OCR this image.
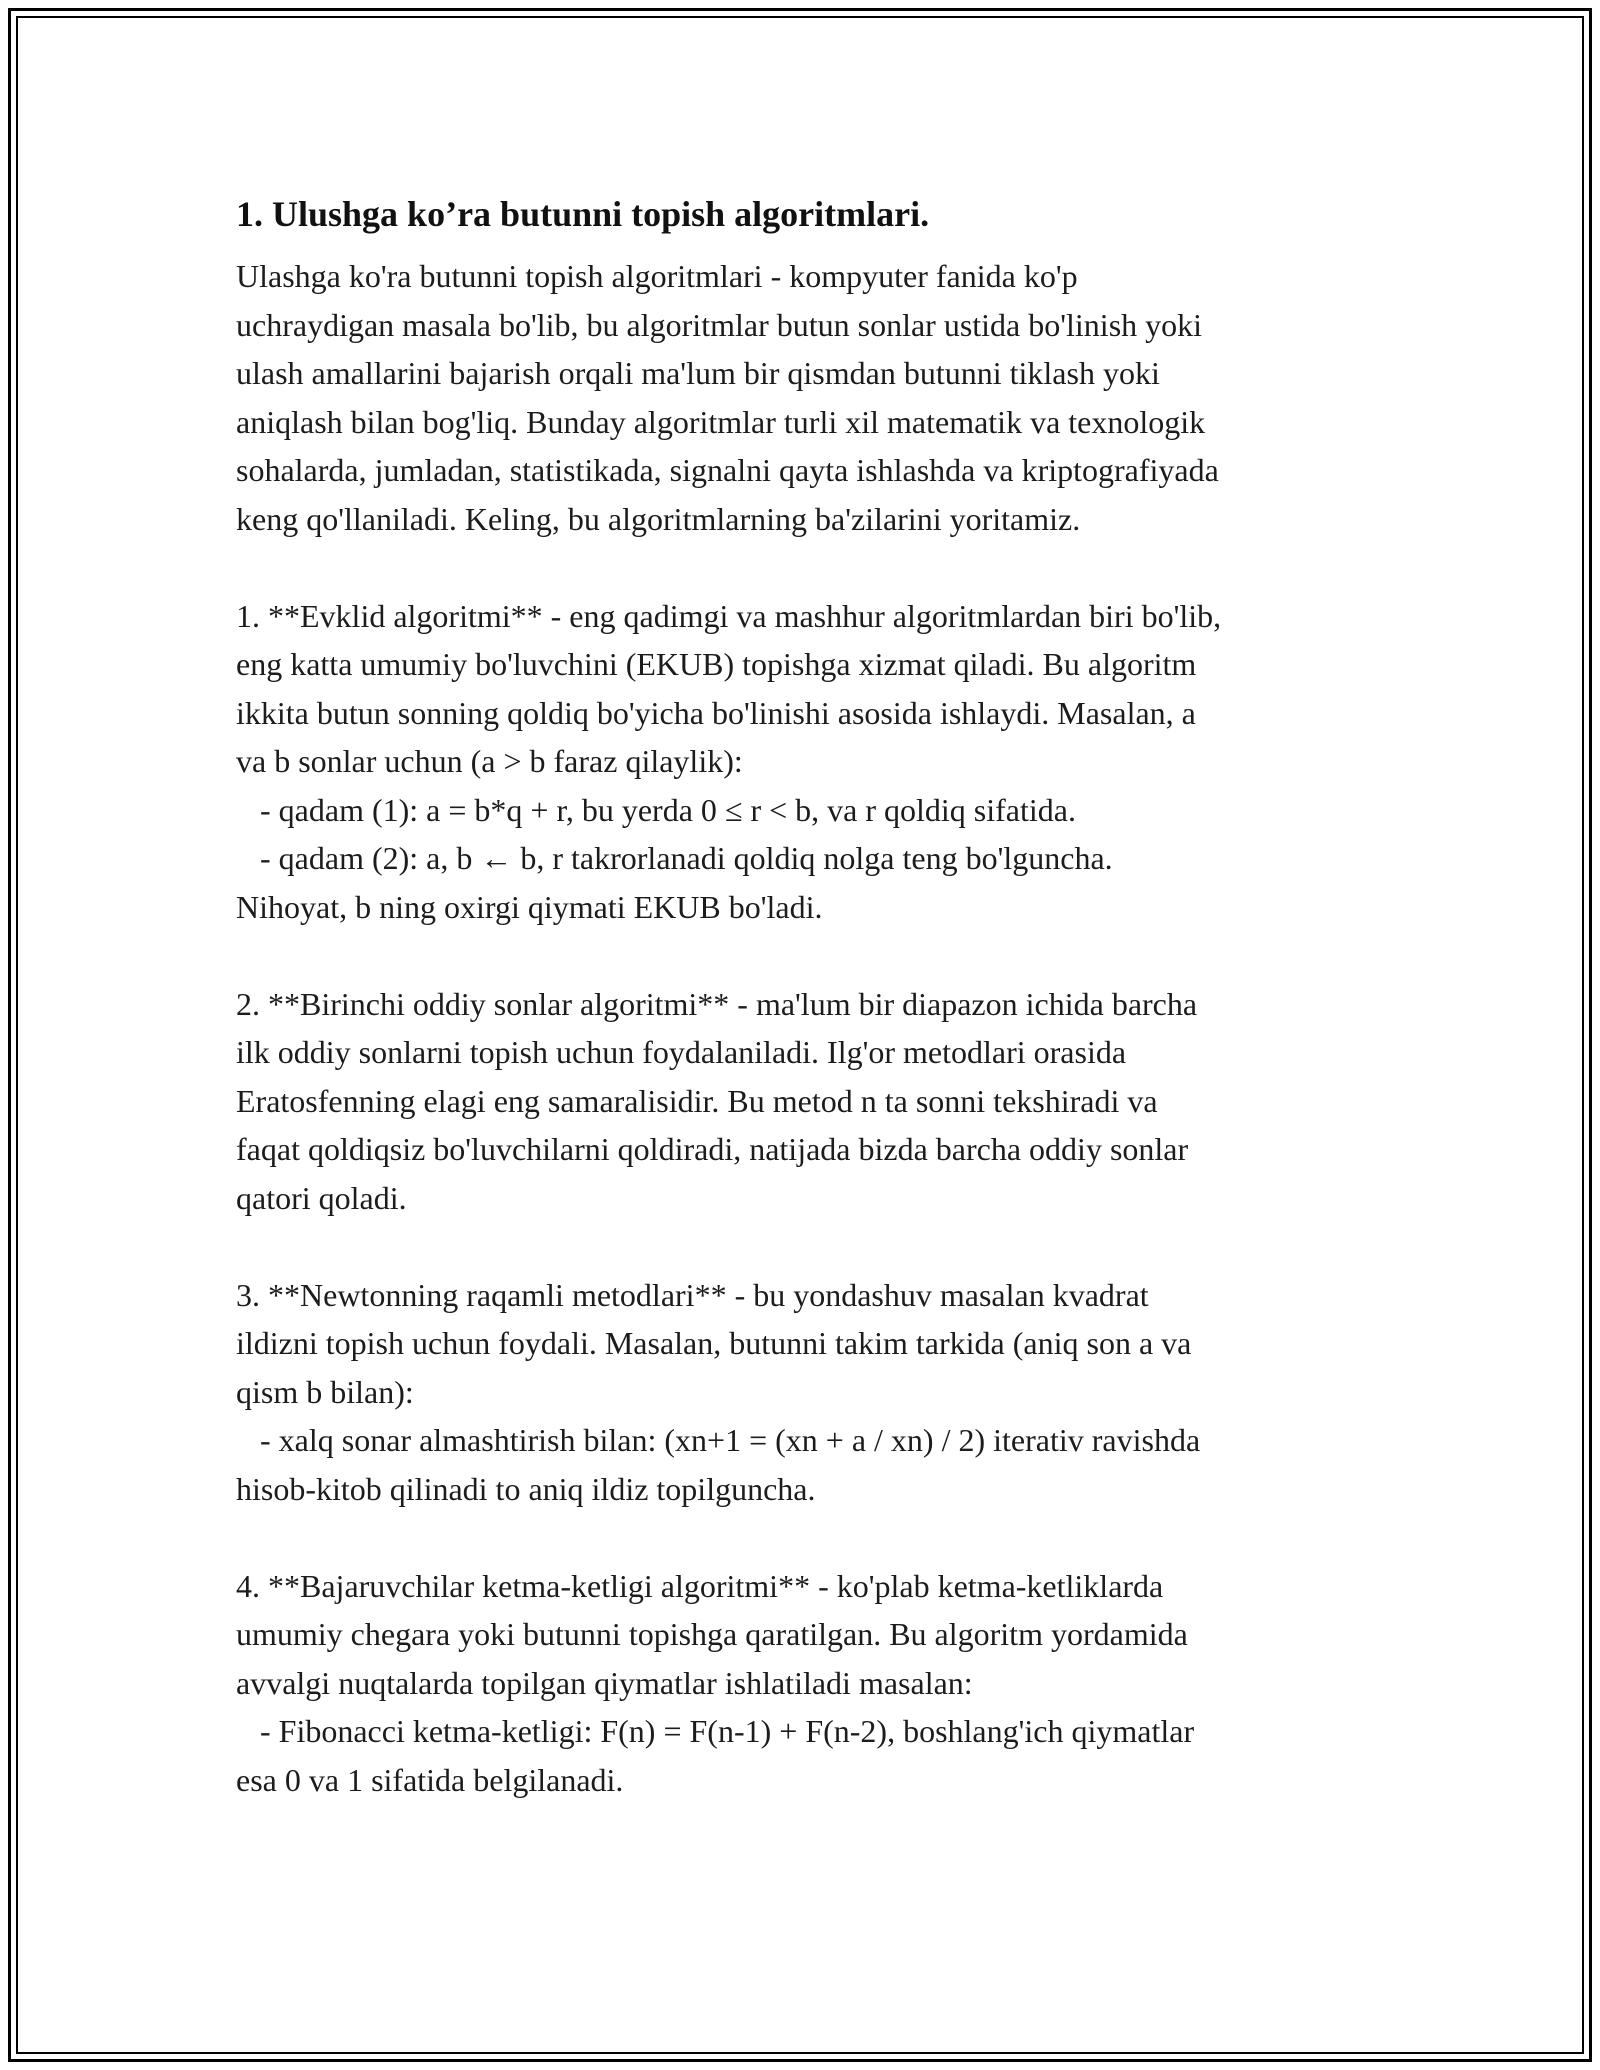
1. Ulushga ko’ra butunni topish algoritmlari.

Ulashga ko'ra butunni topish algoritmlari - kompyuter fanida ko'p
uchraydigan masala bo'lib, bu algoritmlar butun sonlar ustida bo'linish yoki
ulash amallarini bajarish orqali ma'lum bir qismdan butunni tiklash yoki
aniqlash bilan bog'liq. Bunday algoritmlar turli xil matematik va texnologik
sohalarda, jumladan, statistikada, signalni qayta ishlashda va kriptografiyada
keng qo'llaniladi. Keling, bu algoritmlarning ba'zilarini yoritamiz.

1. **Evklid algoritmi** - eng qadimgi va mashhur algoritmlardan biri bo'lib,
eng katta umumiy bo'luvchini (EKUB) topishga xizmat qiladi. Bu algoritm
ikkita butun sonning qoldiq bo'yicha bo'linishi asosida ishlaydi. Masalan, a
va b sonlar uchun (a > b faraz qilaylik):
- qadam (1): a = b*q + r, bu yerda 0 ≤ r < b, va r qoldiq sifatida.
- qadam (2): a, b ← b, r takrorlanadi qoldiq nolga teng bo'lguncha.
Nihoyat, b ning oxirgi qiymati EKUB bo'ladi.

2. **Birinchi oddiy sonlar algoritmi** - ma'lum bir diapazon ichida barcha
ilk oddiy sonlarni topish uchun foydalaniladi. Ilg'or metodlari orasida
Eratosfenning elagi eng samaralisidir. Bu metod n ta sonni tekshiradi va
faqat qoldiqsiz bo'luvchilarni qoldiradi, natijada bizda barcha oddiy sonlar
qatori qoladi.

3. **Newtonning raqamli metodlari** - bu yondashuv masalan kvadrat
ildizni topish uchun foydali. Masalan, butunni takim tarkida (aniq son a va
qism b bilan):
- xalq sonar almashtirish bilan: (xn+1 = (xn + a / xn) / 2) iterativ ravishda
hisob-kitob qilinadi to aniq ildiz topilguncha.

4. **Bajaruvchilar ketma-ketligi algoritmi** - ko'plab ketma-ketliklarda
umumiy chegara yoki butunni topishga qaratilgan. Bu algoritm yordamida
avvalgi nuqtalarda topilgan qiymatlar ishlatiladi masalan:
- Fibonacci ketma-ketligi: F(n) = F(n-1) + F(n-2), boshlang'ich qiymatlar
esa 0 va 1 sifatida belgilanadi.
